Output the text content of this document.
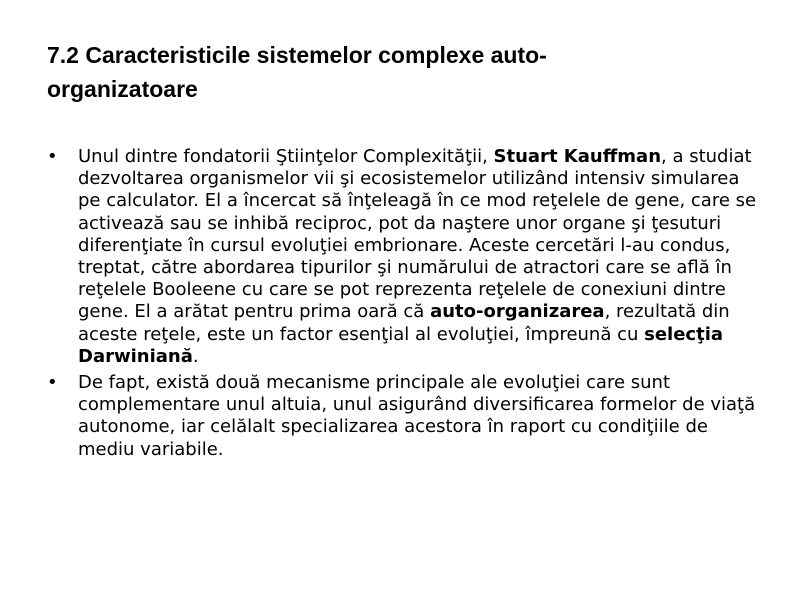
7.2 Caracteristicile sistemelor complexe auto-
organizatoare
•	Unul dintre fondatorii Ştiinţelor Complexităţii, Stuart Kauffman, a studiat dezvoltarea organismelor vii şi ecosistemelor utilizând intensiv simularea pe calculator. El a încercat să înţeleagă în ce mod reţelele de gene, care se activează sau se inhibă reciproc, pot da naştere unor organe şi ţesuturi diferenţiate în cursul evoluţiei embrionare. Aceste cercetări l-au condus, treptat, către abordarea tipurilor şi numărului de atractori care se află în reţelele Booleene cu care se pot reprezenta reţelele de conexiuni dintre gene. El a arătat pentru prima oară că auto-organizarea, rezultată din aceste reţele, este un factor esenţial al evoluţiei, împreună cu selecţia Darwiniană.
•	De fapt, există două mecanisme principale ale evoluţiei care sunt complementare unul altuia, unul asigurând diversificarea formelor de viaţă autonome, iar celălalt specializarea acestora în raport cu condiţiile de mediu variabile.
